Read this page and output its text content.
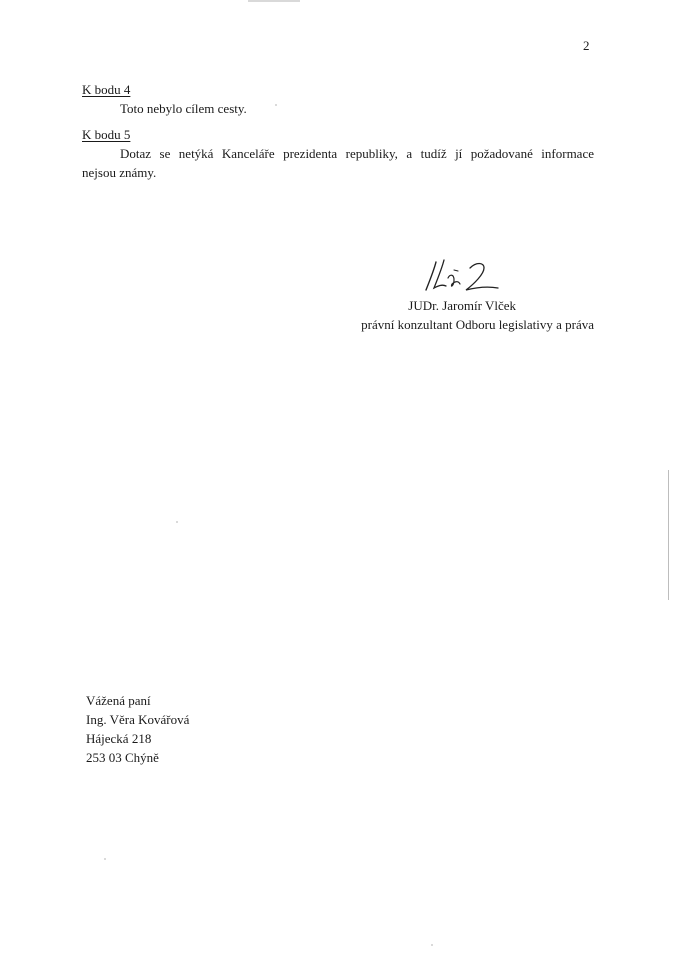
2
K bodu 4
Toto nebylo cílem cesty.
K bodu 5
Dotaz se netýká Kanceláře prezidenta republiky, a tudíž jí požadované informace
nejsou známy.
JUDr. Jaromír Vlček
právní konzultant Odboru legislativy a práva
Vážená paní
Ing. Věra Kovářová
Hájecká 218
253 03 Chýně
